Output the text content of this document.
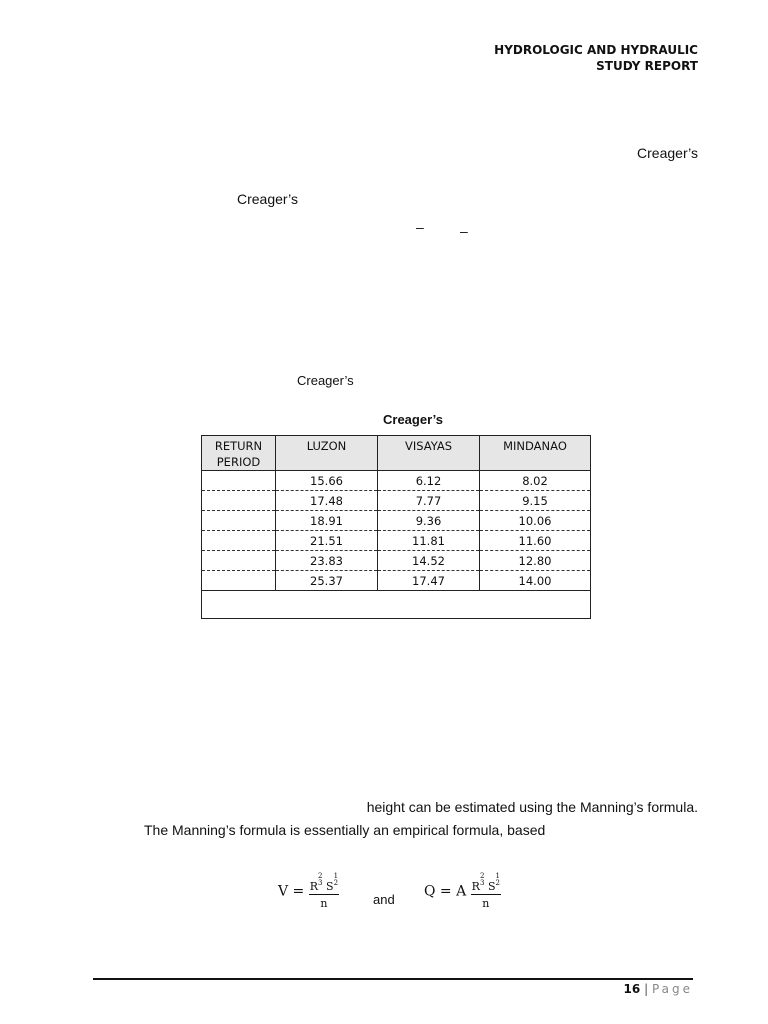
HYDROLOGIC AND HYDRAULIC
STUDY REPORT
Creager’s
Creager’s
–	–
Creager’s
Creager’s
RETURN PERIOD	LUZON	VISAYAS	MINDANAO
	15.66	6.12	8.02
	17.48	7.77	9.15
	18.91	9.36	10.06
	21.51	11.81	11.60
	23.83	14.52	12.80
	25.37	17.47	14.00

height can be estimated using the Manning’s formula.
The Manning’s formula is essentially an empirical formula, based
V = R
2
3 S
1
2
n	and Q = A R
2
3 S
1
2
n
16 | Page
